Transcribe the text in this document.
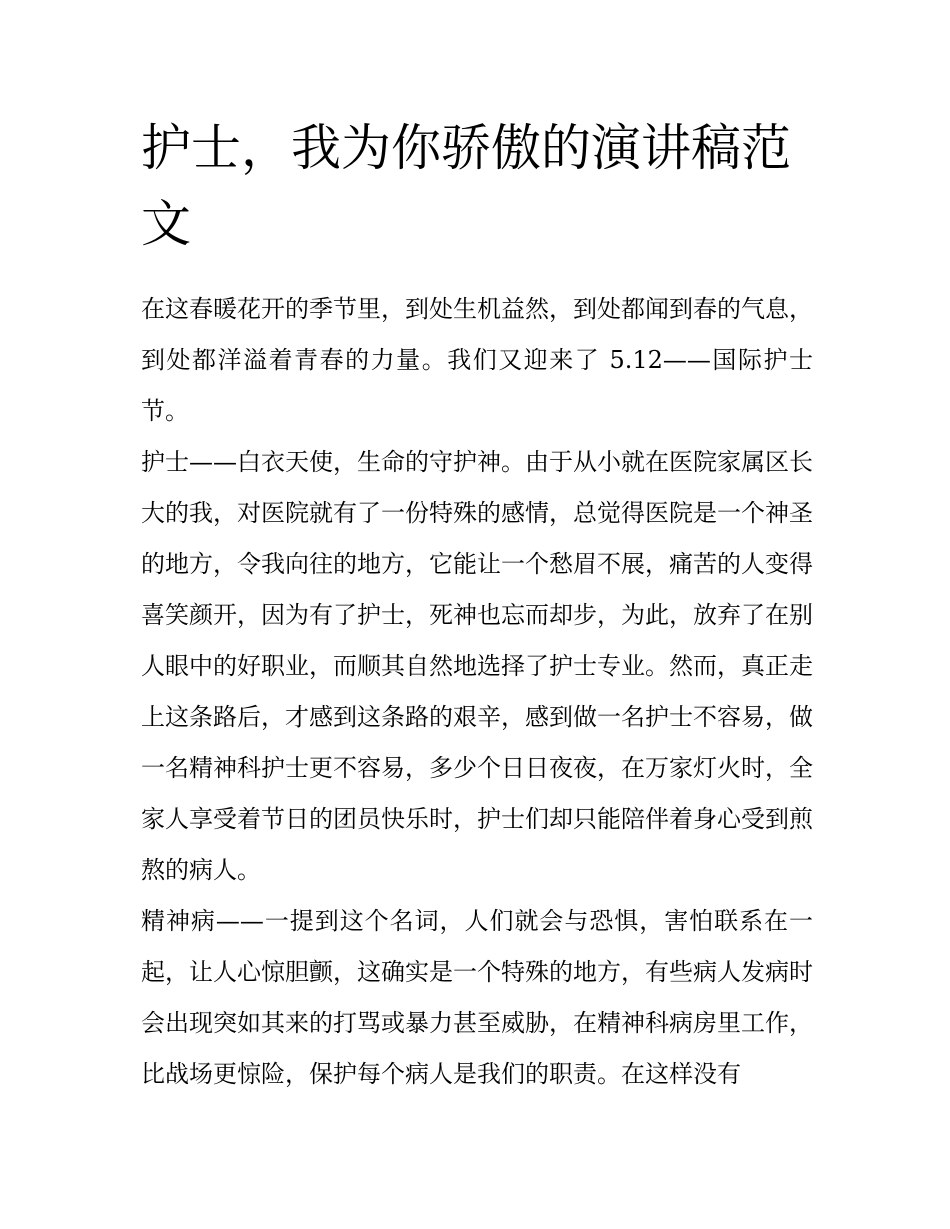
护士，我为你骄傲的演讲稿范文

在这春暖花开的季节里，到处生机益然，到处都闻到春的气息，到处都洋溢着青春的力量。我们又迎来了 5.12——国际护士节。

护士——白衣天使，生命的守护神。由于从小就在医院家属区长大的我，对医院就有了一份特殊的感情，总觉得医院是一个神圣的地方，令我向往的地方，它能让一个愁眉不展，痛苦的人变得喜笑颜开，因为有了护士，死神也忘而却步，为此，放弃了在别人眼中的好职业，而顺其自然地选择了护士专业。然而，真正走上这条路后，才感到这条路的艰辛，感到做一名护士不容易，做一名精神科护士更不容易，多少个日日夜夜，在万家灯火时，全家人享受着节日的团员快乐时，护士们却只能陪伴着身心受到煎熬的病人。

精神病——一提到这个名词，人们就会与恐惧，害怕联系在一起，让人心惊胆颤，这确实是一个特殊的地方，有些病人发病时会出现突如其来的打骂或暴力甚至威胁，在精神科病房里工作，比战场更惊险，保护每个病人是我们的职责。在这样没有
